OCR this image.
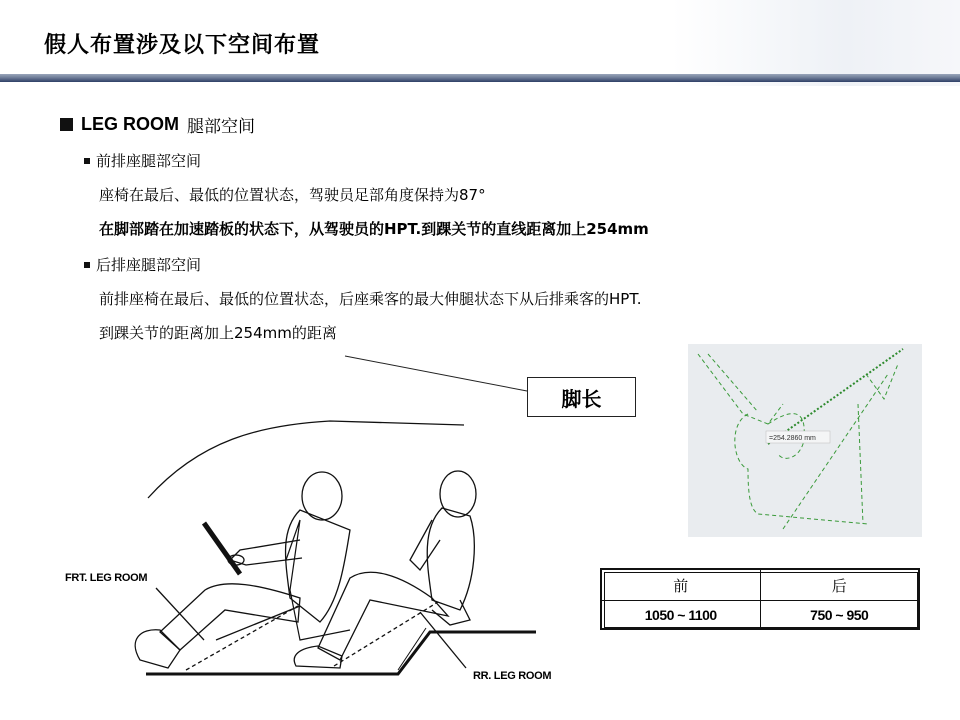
假人布置涉及以下空间布置
LEG ROOM 腿部空间
前排座腿部空间
座椅在最后、最低的位置状态，驾驶员足部角度保持为87°
在脚部踏在加速踏板的状态下，从驾驶员的HPT.到踝关节的直线距离加上254mm
后排座腿部空间
前排座椅在最后、最低的位置状态，后座乘客的最大伸腿状态下从后排乘客的HPT.
到踝关节的距离加上254mm的距离
脚长
=254.2860 mm
前	后
1050 ~ 1100	750 ~ 950
FRT. LEG ROOM
RR. LEG ROOM
